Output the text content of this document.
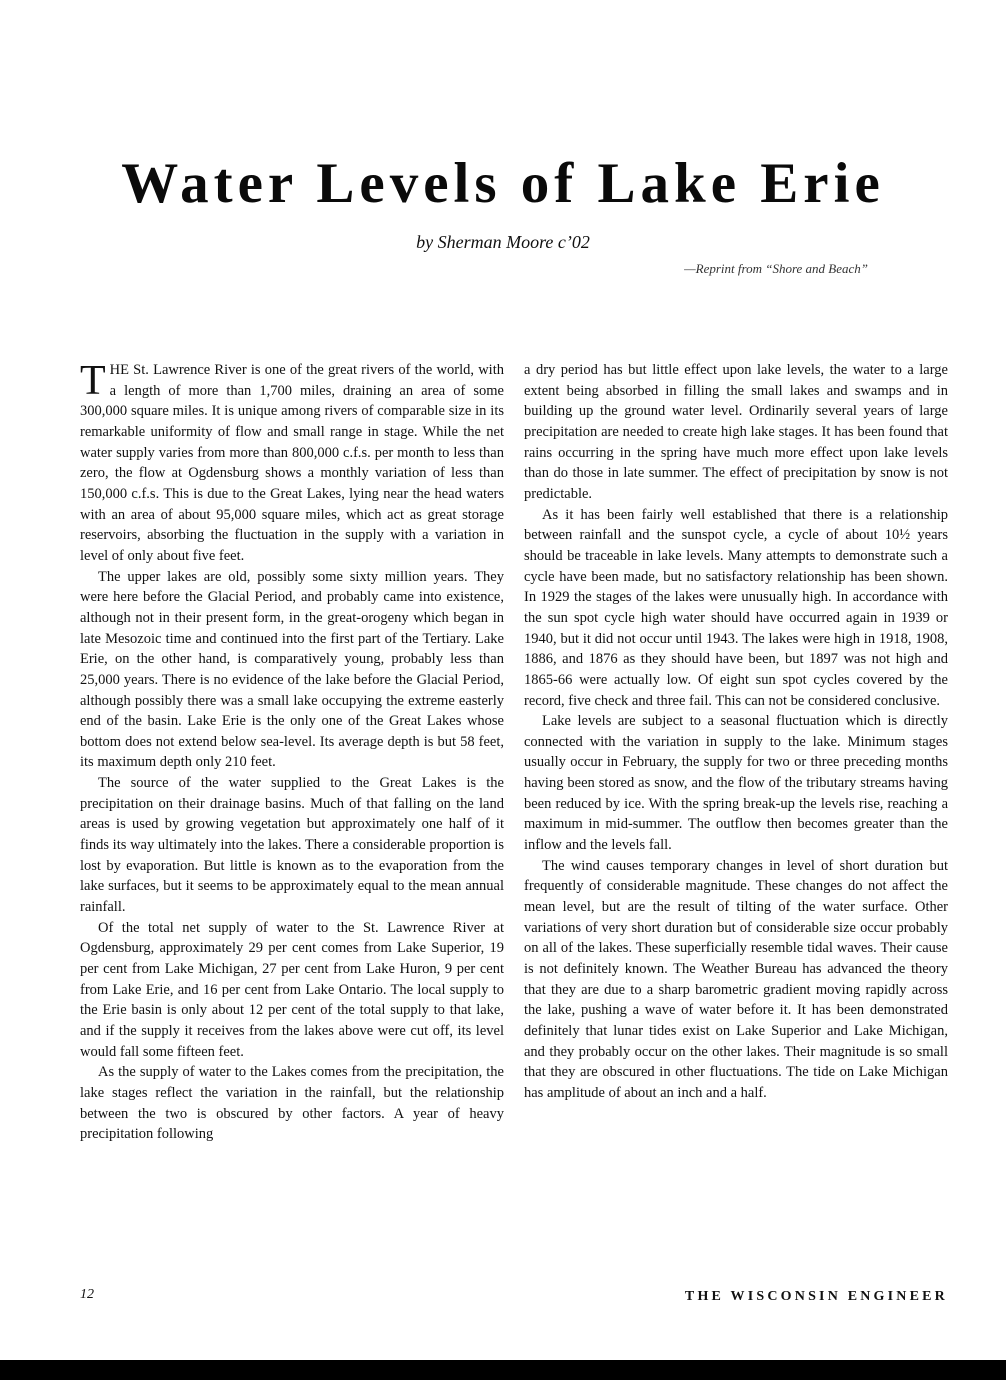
Water Levels of Lake Erie
by Sherman Moore c’02
—Reprint from “Shore and Beach”

THE St. Lawrence River is one of the great rivers of the world, with a length of more than 1,700 miles, draining an area of some 300,000 square miles. It is unique among rivers of comparable size in its remarkable uniformity of flow and small range in stage. While the net water supply varies from more than 800,000 c.f.s. per month to less than zero, the flow at Ogdensburg shows a monthly variation of less than 150,000 c.f.s. This is due to the Great Lakes, lying near the head waters with an area of about 95,000 square miles, which act as great storage reservoirs, absorbing the fluctuation in the supply with a variation in level of only about five feet.

The upper lakes are old, possibly some sixty million years. They were here before the Glacial Period, and probably came into existence, although not in their present form, in the great-orogeny which began in late Mesozoic time and continued into the first part of the Tertiary. Lake Erie, on the other hand, is comparatively young, probably less than 25,000 years. There is no evidence of the lake before the Glacial Period, although possibly there was a small lake occupying the extreme easterly end of the basin. Lake Erie is the only one of the Great Lakes whose bottom does not extend below sea-level. Its average depth is but 58 feet, its maximum depth only 210 feet.

The source of the water supplied to the Great Lakes is the precipitation on their drainage basins. Much of that falling on the land areas is used by growing vegetation but approximately one half of it finds its way ultimately into the lakes. There a considerable proportion is lost by evaporation. But little is known as to the evaporation from the lake surfaces, but it seems to be approximately equal to the mean annual rainfall.

Of the total net supply of water to the St. Lawrence River at Ogdensburg, approximately 29 per cent comes from Lake Superior, 19 per cent from Lake Michigan, 27 per cent from Lake Huron, 9 per cent from Lake Erie, and 16 per cent from Lake Ontario. The local supply to the Erie basin is only about 12 per cent of the total supply to that lake, and if the supply it receives from the lakes above were cut off, its level would fall some fifteen feet.

As the supply of water to the Lakes comes from the precipitation, the lake stages reflect the variation in the rainfall, but the relationship between the two is obscured by other factors. A year of heavy precipitation following

a dry period has but little effect upon lake levels, the water to a large extent being absorbed in filling the small lakes and swamps and in building up the ground water level. Ordinarily several years of large precipitation are needed to create high lake stages. It has been found that rains occurring in the spring have much more effect upon lake levels than do those in late summer. The effect of precipitation by snow is not predictable.

As it has been fairly well established that there is a relationship between rainfall and the sunspot cycle, a cycle of about 10½ years should be traceable in lake levels. Many attempts to demonstrate such a cycle have been made, but no satisfactory relationship has been shown. In 1929 the stages of the lakes were unusually high. In accordance with the sun spot cycle high water should have occurred again in 1939 or 1940, but it did not occur until 1943. The lakes were high in 1918, 1908, 1886, and 1876 as they should have been, but 1897 was not high and 1865-66 were actually low. Of eight sun spot cycles covered by the record, five check and three fail. This can not be considered conclusive.

Lake levels are subject to a seasonal fluctuation which is directly connected with the variation in supply to the lake. Minimum stages usually occur in February, the supply for two or three preceding months having been stored as snow, and the flow of the tributary streams having been reduced by ice. With the spring break-up the levels rise, reaching a maximum in mid-summer. The outflow then becomes greater than the inflow and the levels fall.

The wind causes temporary changes in level of short duration but frequently of considerable magnitude. These changes do not affect the mean level, but are the result of tilting of the water surface. Other variations of very short duration but of considerable size occur probably on all of the lakes. These superficially resemble tidal waves. Their cause is not definitely known. The Weather Bureau has advanced the theory that they are due to a sharp barometric gradient moving rapidly across the lake, pushing a wave of water before it. It has been demonstrated definitely that lunar tides exist on Lake Superior and Lake Michigan, and they probably occur on the other lakes. Their magnitude is so small that they are obscured in other fluctuations. The tide on Lake Michigan has amplitude of about an inch and a half.

12	THE WISCONSIN ENGINEER
